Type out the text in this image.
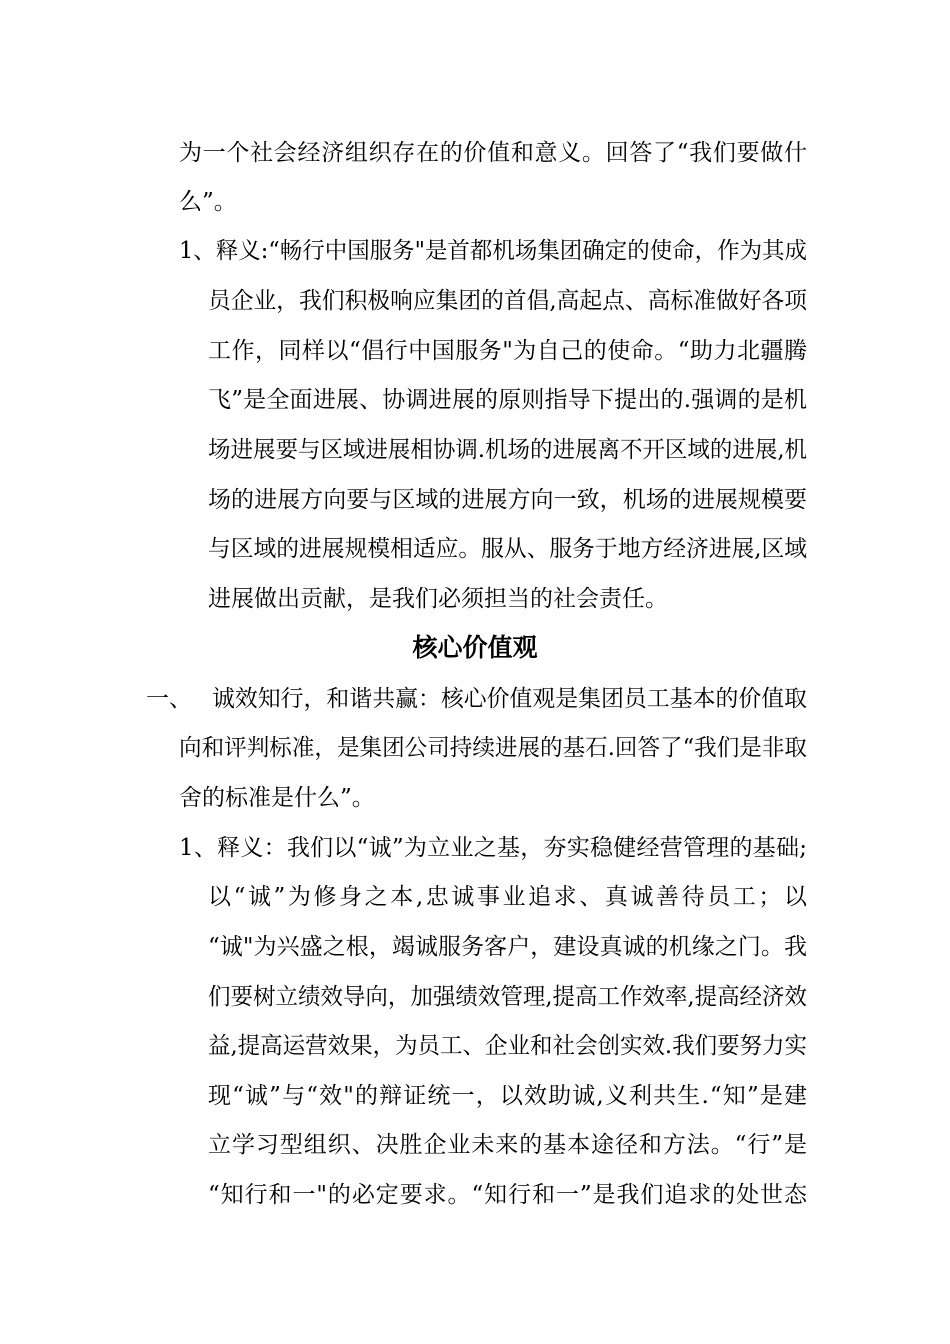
为一个社会经济组织存在的价值和意义。回答了“我们要做什
么”。
1、释义:“畅行中国服务"是首都机场集团确定的使命，作为其成
员企业，我们积极响应集团的首倡,高起点、高标准做好各项
工作，同样以“倡行中国服务"为自己的使命。“助力北疆腾
飞”是全面进展、协调进展的原则指导下提出的.强调的是机
场进展要与区域进展相协调.机场的进展离不开区域的进展,机
场的进展方向要与区域的进展方向一致，机场的进展规模要
与区域的进展规模相适应。服从、服务于地方经济进展,区域
进展做出贡献，是我们必须担当的社会责任。
核心价值观
一、 诚效知行，和谐共赢：核心价值观是集团员工基本的价值取
向和评判标准，是集团公司持续进展的基石.回答了“我们是非取
舍的标准是什么”。
1、释义：我们以“诚”为立业之基，夯实稳健经营管理的基础;
以“诚”为修身之本,忠诚事业追求、真诚善待员工；以
“诚"为兴盛之根，竭诚服务客户，建设真诚的机缘之门。我
们要树立绩效导向，加强绩效管理,提高工作效率,提高经济效
益,提高运营效果，为员工、企业和社会创实效.我们要努力实
现“诚”与“效"的辩证统一，以效助诚,义利共生.“知”是建
立学习型组织、决胜企业未来的基本途径和方法。“行”是
“知行和一"的必定要求。“知行和一”是我们追求的处世态
